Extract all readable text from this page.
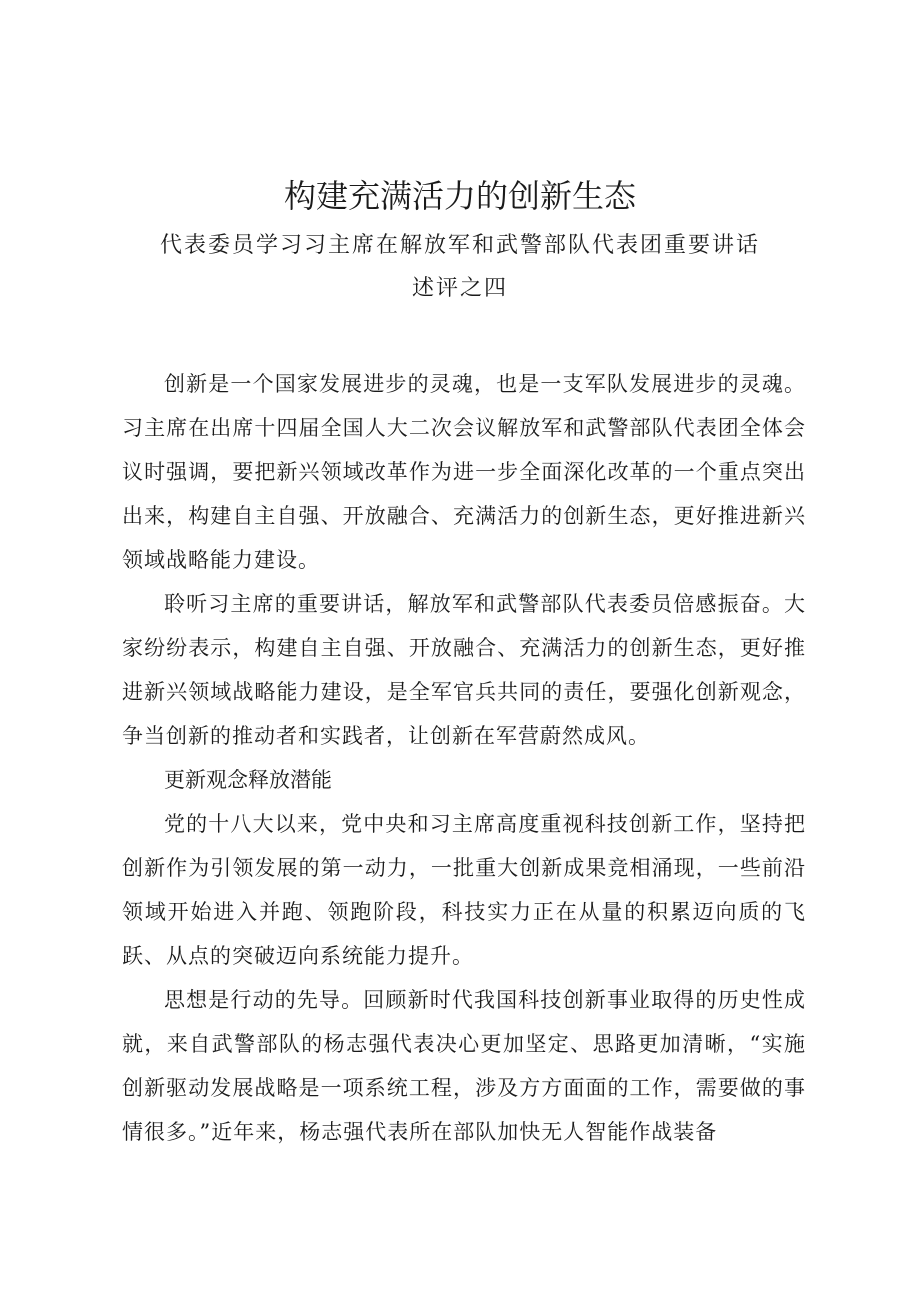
构建充满活力的创新生态

代表委员学习习主席在解放军和武警部队代表团重要讲话

述评之四

创新是一个国家发展进步的灵魂，也是一支军队发展进步的灵魂。习主席在出席十四届全国人大二次会议解放军和武警部队代表团全体会议时强调，要把新兴领域改革作为进一步全面深化改革的一个重点突出出来，构建自主自强、开放融合、充满活力的创新生态，更好推进新兴领域战略能力建设。

聆听习主席的重要讲话，解放军和武警部队代表委员倍感振奋。大家纷纷表示，构建自主自强、开放融合、充满活力的创新生态，更好推进新兴领域战略能力建设，是全军官兵共同的责任，要强化创新观念，争当创新的推动者和实践者，让创新在军营蔚然成风。

更新观念释放潜能

党的十八大以来，党中央和习主席高度重视科技创新工作，坚持把创新作为引领发展的第一动力，一批重大创新成果竞相涌现，一些前沿领域开始进入并跑、领跑阶段，科技实力正在从量的积累迈向质的飞跃、从点的突破迈向系统能力提升。

思想是行动的先导。回顾新时代我国科技创新事业取得的历史性成就，来自武警部队的杨志强代表决心更加坚定、思路更加清晰，“实施创新驱动发展战略是一项系统工程，涉及方方面面的工作，需要做的事情很多。”近年来，杨志强代表所在部队加快无人智能作战装备
